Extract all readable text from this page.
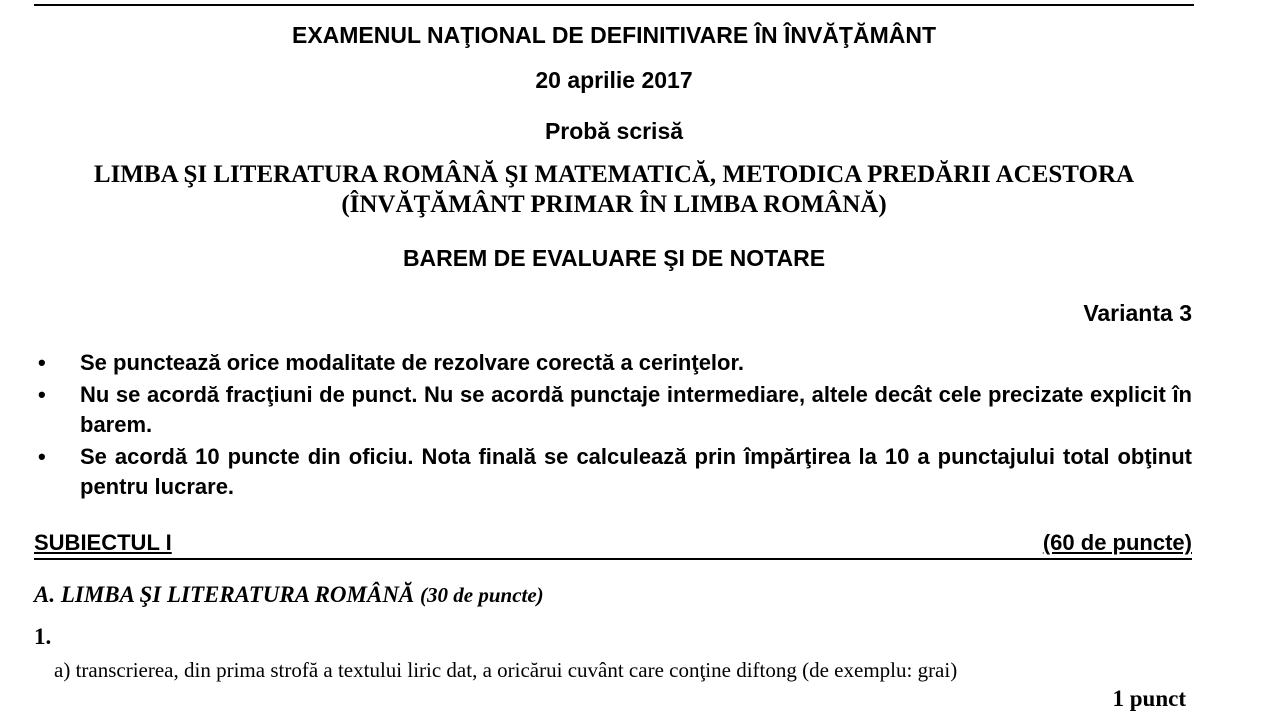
EXAMENUL NAŢIONAL DE DEFINITIVARE ÎN ÎNVĂŢĂMÂNT
20 aprilie 2017
Probă scrisă
LIMBA ŞI LITERATURA ROMÂNĂ ŞI MATEMATICĂ, METODICA PREDĂRII ACESTORA
(ÎNVĂŢĂMÂNT PRIMAR ÎN LIMBA ROMÂNĂ)
BAREM DE EVALUARE ŞI DE NOTARE
Varianta 3
• Se punctează orice modalitate de rezolvare corectă a cerinţelor.
• Nu se acordă fracţiuni de punct. Nu se acordă punctaje intermediare, altele decât cele precizate explicit în barem.
• Se acordă 10 puncte din oficiu. Nota finală se calculează prin împărţirea la 10 a punctajului total obţinut pentru lucrare.
SUBIECTUL I	(60 de puncte)
A. LIMBA ŞI LITERATURA ROMÂNĂ (30 de puncte)
1.
a) transcrierea, din prima strofă a textului liric dat, a oricărui cuvânt care conţine diftong (de exemplu: grai)
1 punct
